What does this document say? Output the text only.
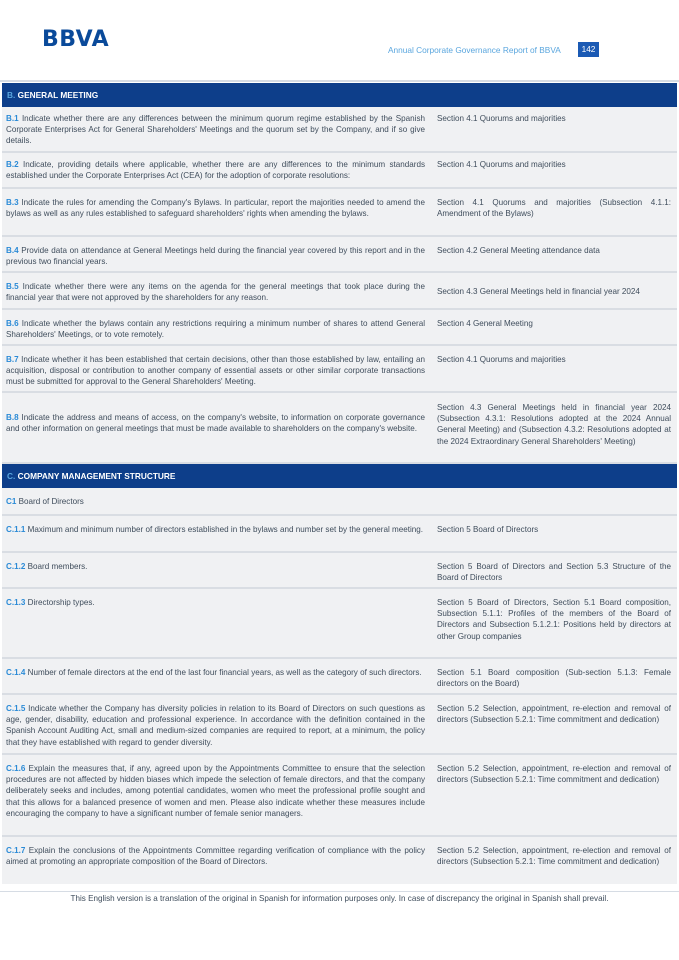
BBVA	Annual Corporate Governance Report of BBVA	142
B. GENERAL MEETING
B.1 Indicate whether there are any differences between the minimum quorum regime established by the Spanish Corporate Enterprises Act for General Shareholders' Meetings and the quorum set by the Company, and if so give details.
Section 4.1 Quorums and majorities
B.2 Indicate, providing details where applicable, whether there are any differences to the minimum standards established under the Corporate Enterprises Act (CEA) for the adoption of corporate resolutions:
Section 4.1 Quorums and majorities
B.3 Indicate the rules for amending the Company's Bylaws. In particular, report the majorities needed to amend the bylaws as well as any rules established to safeguard shareholders' rights when amending the bylaws.
Section 4.1 Quorums and majorities (Subsection 4.1.1: Amendment of the Bylaws)
B.4 Provide data on attendance at General Meetings held during the financial year covered by this report and in the previous two financial years.
Section 4.2 General Meeting attendance data
B.5 Indicate whether there were any items on the agenda for the general meetings that took place during the financial year that were not approved by the shareholders for any reason.
Section 4.3 General Meetings held in financial year 2024
B.6 Indicate whether the bylaws contain any restrictions requiring a minimum number of shares to attend General Shareholders' Meetings, or to vote remotely.
Section 4 General Meeting
B.7 Indicate whether it has been established that certain decisions, other than those established by law, entailing an acquisition, disposal or contribution to another company of essential assets or other similar corporate transactions must be submitted for approval to the General Shareholders' Meeting.
Section 4.1 Quorums and majorities
B.8 Indicate the address and means of access, on the company's website, to information on corporate governance and other information on general meetings that must be made available to shareholders on the company's website.
Section 4.3 General Meetings held in financial year 2024 (Subsection 4.3.1: Resolutions adopted at the 2024 Annual General Meeting) and (Subsection 4.3.2: Resolutions adopted at the 2024 Extraordinary General Shareholders' Meeting)
C. COMPANY MANAGEMENT STRUCTURE
C1 Board of Directors
C.1.1 Maximum and minimum number of directors established in the bylaws and number set by the general meeting.	Section 5 Board of Directors
C.1.2 Board members.	Section 5 Board of Directors and Section 5.3 Structure of the Board of Directors
C.1.3 Directorship types.	Section 5 Board of Directors, Section 5.1 Board composition, Subsection 5.1.1: Profiles of the members of the Board of Directors and Subsection 5.1.2.1: Positions held by directors at other Group companies
C.1.4 Number of female directors at the end of the last four financial years, as well as the category of such directors.	Section 5.1 Board composition (Sub-section 5.1.3: Female directors on the Board)
C.1.5 Indicate whether the Company has diversity policies in relation to its Board of Directors on such questions as age, gender, disability, education and professional experience. In accordance with the definition contained in the Spanish Account Auditing Act, small and medium-sized companies are required to report, at a minimum, the policy that they have established with regard to gender diversity.
Section 5.2 Selection, appointment, re-election and removal of directors (Subsection 5.2.1: Time commitment and dedication)
C.1.6 Explain the measures that, if any, agreed upon by the Appointments Committee to ensure that the selection procedures are not affected by hidden biases which impede the selection of female directors, and that the company deliberately seeks and includes, among potential candidates, women who meet the professional profile sought and that this allows for a balanced presence of women and men. Please also indicate whether these measures include encouraging the company to have a significant number of female senior managers.
Section 5.2 Selection, appointment, re-election and removal of directors (Subsection 5.2.1: Time commitment and dedication)
C.1.7 Explain the conclusions of the Appointments Committee regarding verification of compliance with the policy aimed at promoting an appropriate composition of the Board of Directors.
Section 5.2 Selection, appointment, re-election and removal of directors (Subsection 5.2.1: Time commitment and dedication)
This English version is a translation of the original in Spanish for information purposes only. In case of discrepancy the original in Spanish shall prevail.
